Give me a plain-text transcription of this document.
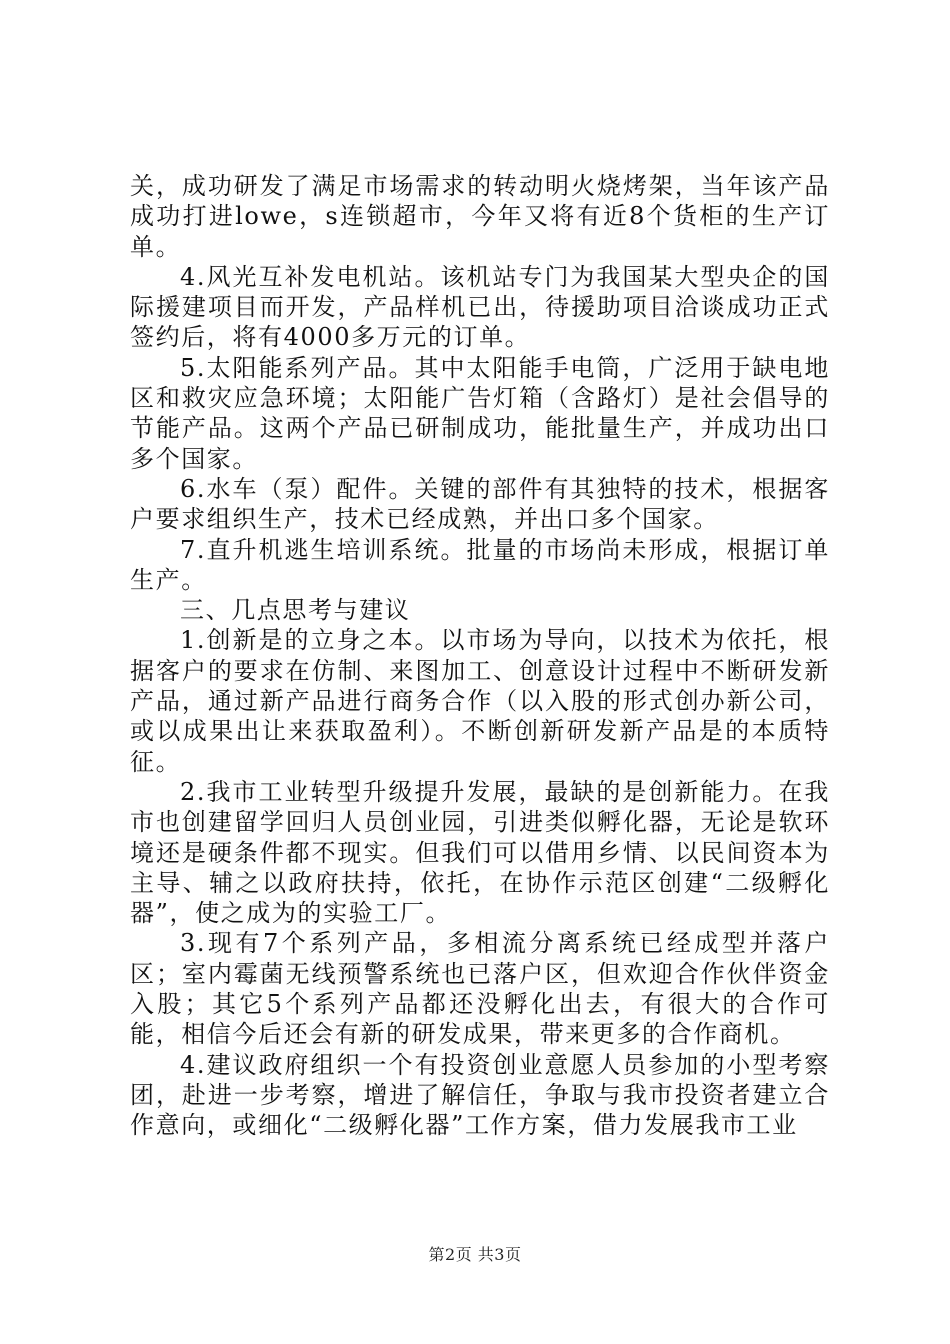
关，成功研发了满足市场需求的转动明火烧烤架，当年该产品成功打进lowe，s连锁超市，今年又将有近8个货柜的生产订单。

4.风光互补发电机站。该机站专门为我国某大型央企的国际援建项目而开发，产品样机已出，待援助项目洽谈成功正式签约后，将有4000多万元的订单。

5.太阳能系列产品。其中太阳能手电筒，广泛用于缺电地区和救灾应急环境；太阳能广告灯箱（含路灯）是社会倡导的节能产品。这两个产品已研制成功，能批量生产，并成功出口多个国家。

6.水车（泵）配件。关键的部件有其独特的技术，根据客户要求组织生产，技术已经成熟，并出口多个国家。

7.直升机逃生培训系统。批量的市场尚未形成，根据订单生产。

三、几点思考与建议

1.创新是的立身之本。以市场为导向，以技术为依托，根据客户的要求在仿制、来图加工、创意设计过程中不断研发新产品，通过新产品进行商务合作（以入股的形式创办新公司，或以成果出让来获取盈利）。不断创新研发新产品是的本质特征。

2.我市工业转型升级提升发展，最缺的是创新能力。在我市也创建留学回归人员创业园，引进类似孵化器，无论是软环境还是硬条件都不现实。但我们可以借用乡情、以民间资本为主导、辅之以政府扶持，依托，在协作示范区创建“二级孵化器”，使之成为的实验工厂。

3.现有7个系列产品，多相流分离系统已经成型并落户区；室内霉菌无线预警系统也已落户区，但欢迎合作伙伴资金入股；其它5个系列产品都还没孵化出去，有很大的合作可能，相信今后还会有新的研发成果，带来更多的合作商机。

4.建议政府组织一个有投资创业意愿人员参加的小型考察团，赴进一步考察，增进了解信任，争取与我市投资者建立合作意向，或细化“二级孵化器”工作方案，借力发展我市工业

第2页 共3页
